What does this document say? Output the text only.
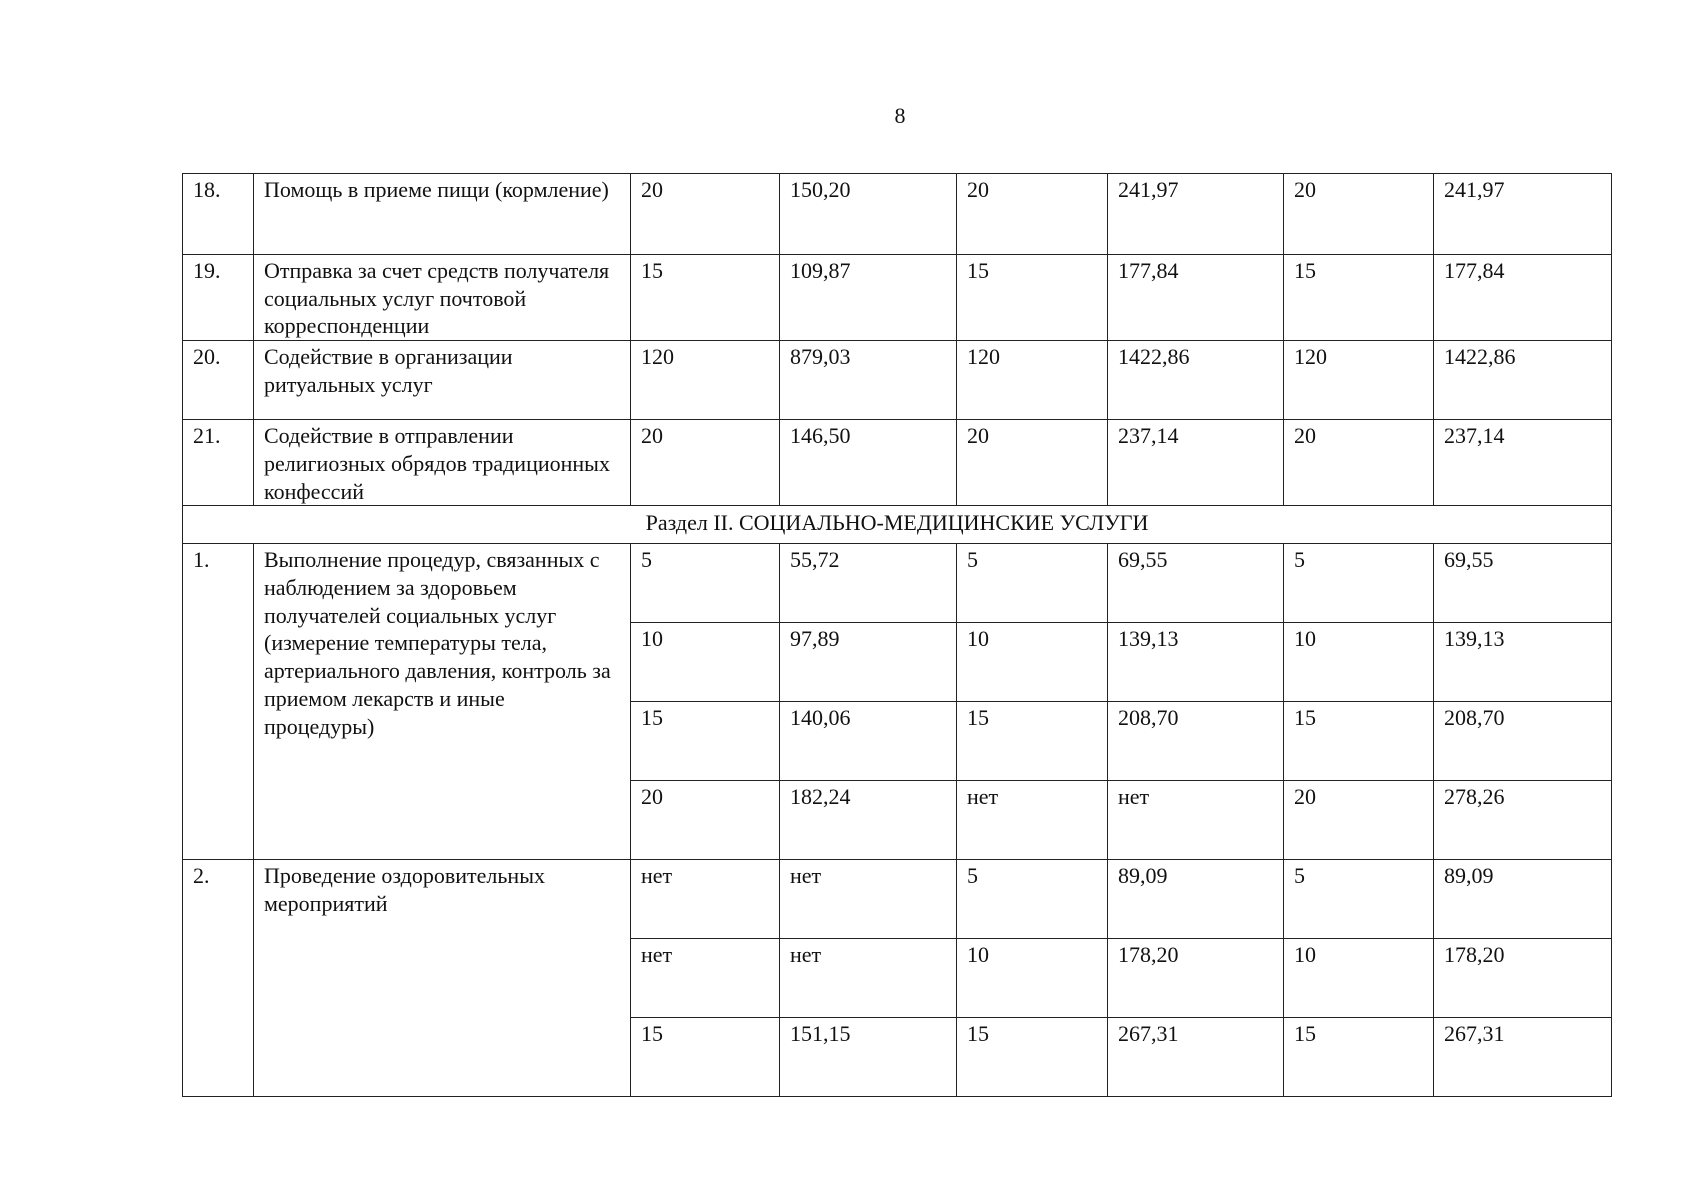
8
18.	Помощь в приеме пищи (кормление)	20	150,20	20	241,97	20	241,97
19.	Отправка за счет средств получателя социальных услуг почтовой корреспонденции	15	109,87	15	177,84	15	177,84
20.	Содействие в организации ритуальных услуг	120	879,03	120	1422,86	120	1422,86
21.	Содействие в отправлении религиозных обрядов традиционных конфессий	20	146,50	20	237,14	20	237,14
Раздел II. СОЦИАЛЬНО-МЕДИЦИНСКИЕ УСЛУГИ							
1.	Выполнение процедур, связанных с наблюдением за здоровьем получателей социальных услуг (измерение температуры тела, артериального давления, контроль за приемом лекарств и иные процедуры)	5	55,72	5	69,55	5	69,55
		10	97,89	10	139,13	10	139,13
		15	140,06	15	208,70	15	208,70
		20	182,24	нет	нет	20	278,26
2.	Проведение оздоровительных мероприятий	нет	нет	5	89,09	5	89,09
		нет	нет	10	178,20	10	178,20
		15	151,15	15	267,31	15	267,31
